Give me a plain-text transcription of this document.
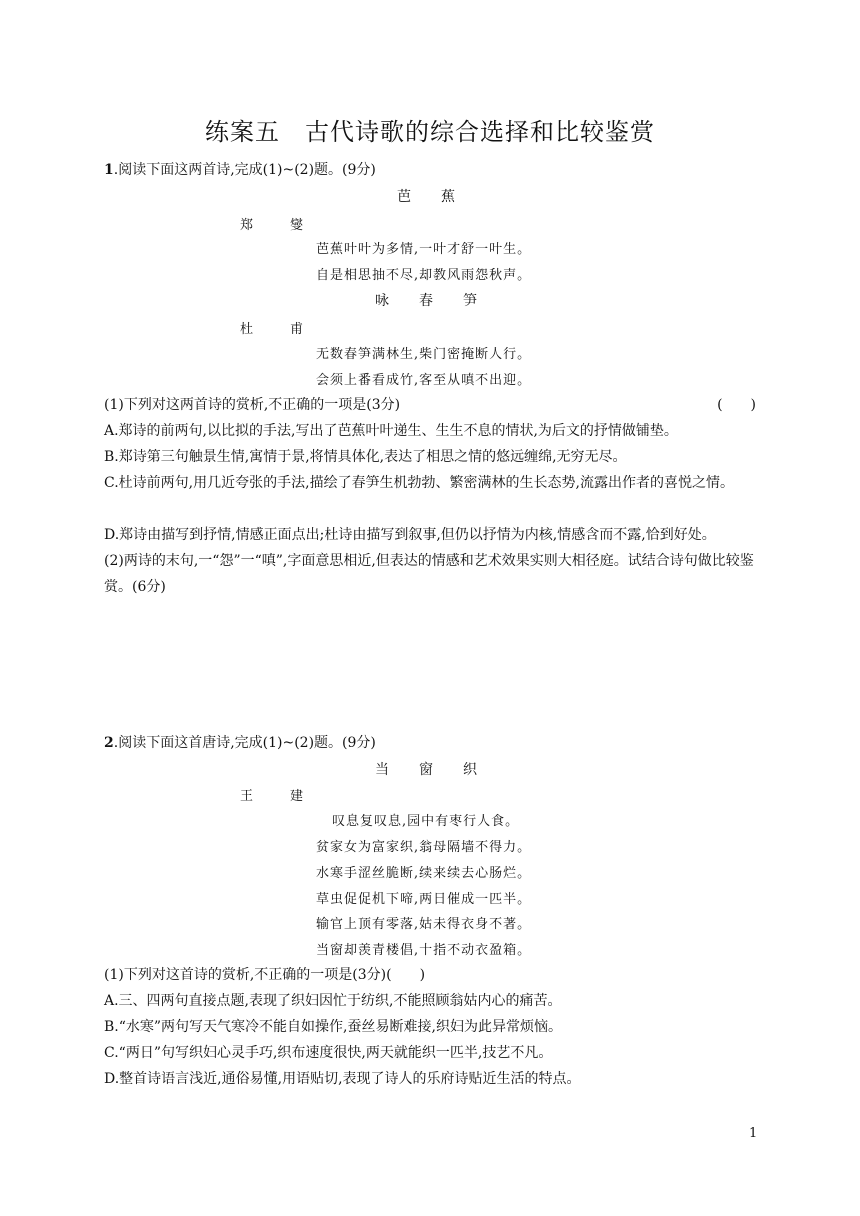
练案五　古代诗歌的综合选择和比较鉴赏
1.阅读下面这两首诗,完成(1)~(2)题。(9分)
芭　蕉
郑　燮
芭蕉叶叶为多情,一叶才舒一叶生。
自是相思抽不尽,却教风雨怨秋声。
咏　春　笋
杜　甫
无数春笋满林生,柴门密掩断人行。
会须上番看成竹,客至从嗔不出迎。
(1)下列对这两首诗的赏析,不正确的一项是(3分)	(　　)
A.郑诗的前两句,以比拟的手法,写出了芭蕉叶叶递生、生生不息的情状,为后文的抒情做铺垫。
B.郑诗第三句触景生情,寓情于景,将情具体化,表达了相思之情的悠远缠绵,无穷无尽。
C.杜诗前两句,用几近夸张的手法,描绘了春笋生机勃勃、繁密满林的生长态势,流露出作者的喜悦之情。
D.郑诗由描写到抒情,情感正面点出;杜诗由描写到叙事,但仍以抒情为内核,情感含而不露,恰到好处。
(2)两诗的末句,一“怨”一“嗔”,字面意思相近,但表达的情感和艺术效果实则大相径庭。试结合诗句做比较鉴赏。(6分)
2.阅读下面这首唐诗,完成(1)~(2)题。(9分)
当　窗　织
王　建
叹息复叹息,园中有枣行人食。
贫家女为富家织,翁母隔墙不得力。
水寒手涩丝脆断,续来续去心肠烂。
草虫促促机下啼,两日催成一匹半。
输官上顶有零落,姑未得衣身不著。
当窗却羡青楼倡,十指不动衣盈箱。
(1)下列对这首诗的赏析,不正确的一项是(3分)(　　)
A.三、四两句直接点题,表现了织妇因忙于纺织,不能照顾翁姑内心的痛苦。
B.“水寒”两句写天气寒冷不能自如操作,蚕丝易断难接,织妇为此异常烦恼。
C.“两日”句写织妇心灵手巧,织布速度很快,两天就能织一匹半,技艺不凡。
D.整首诗语言浅近,通俗易懂,用语贴切,表现了诗人的乐府诗贴近生活的特点。
1
